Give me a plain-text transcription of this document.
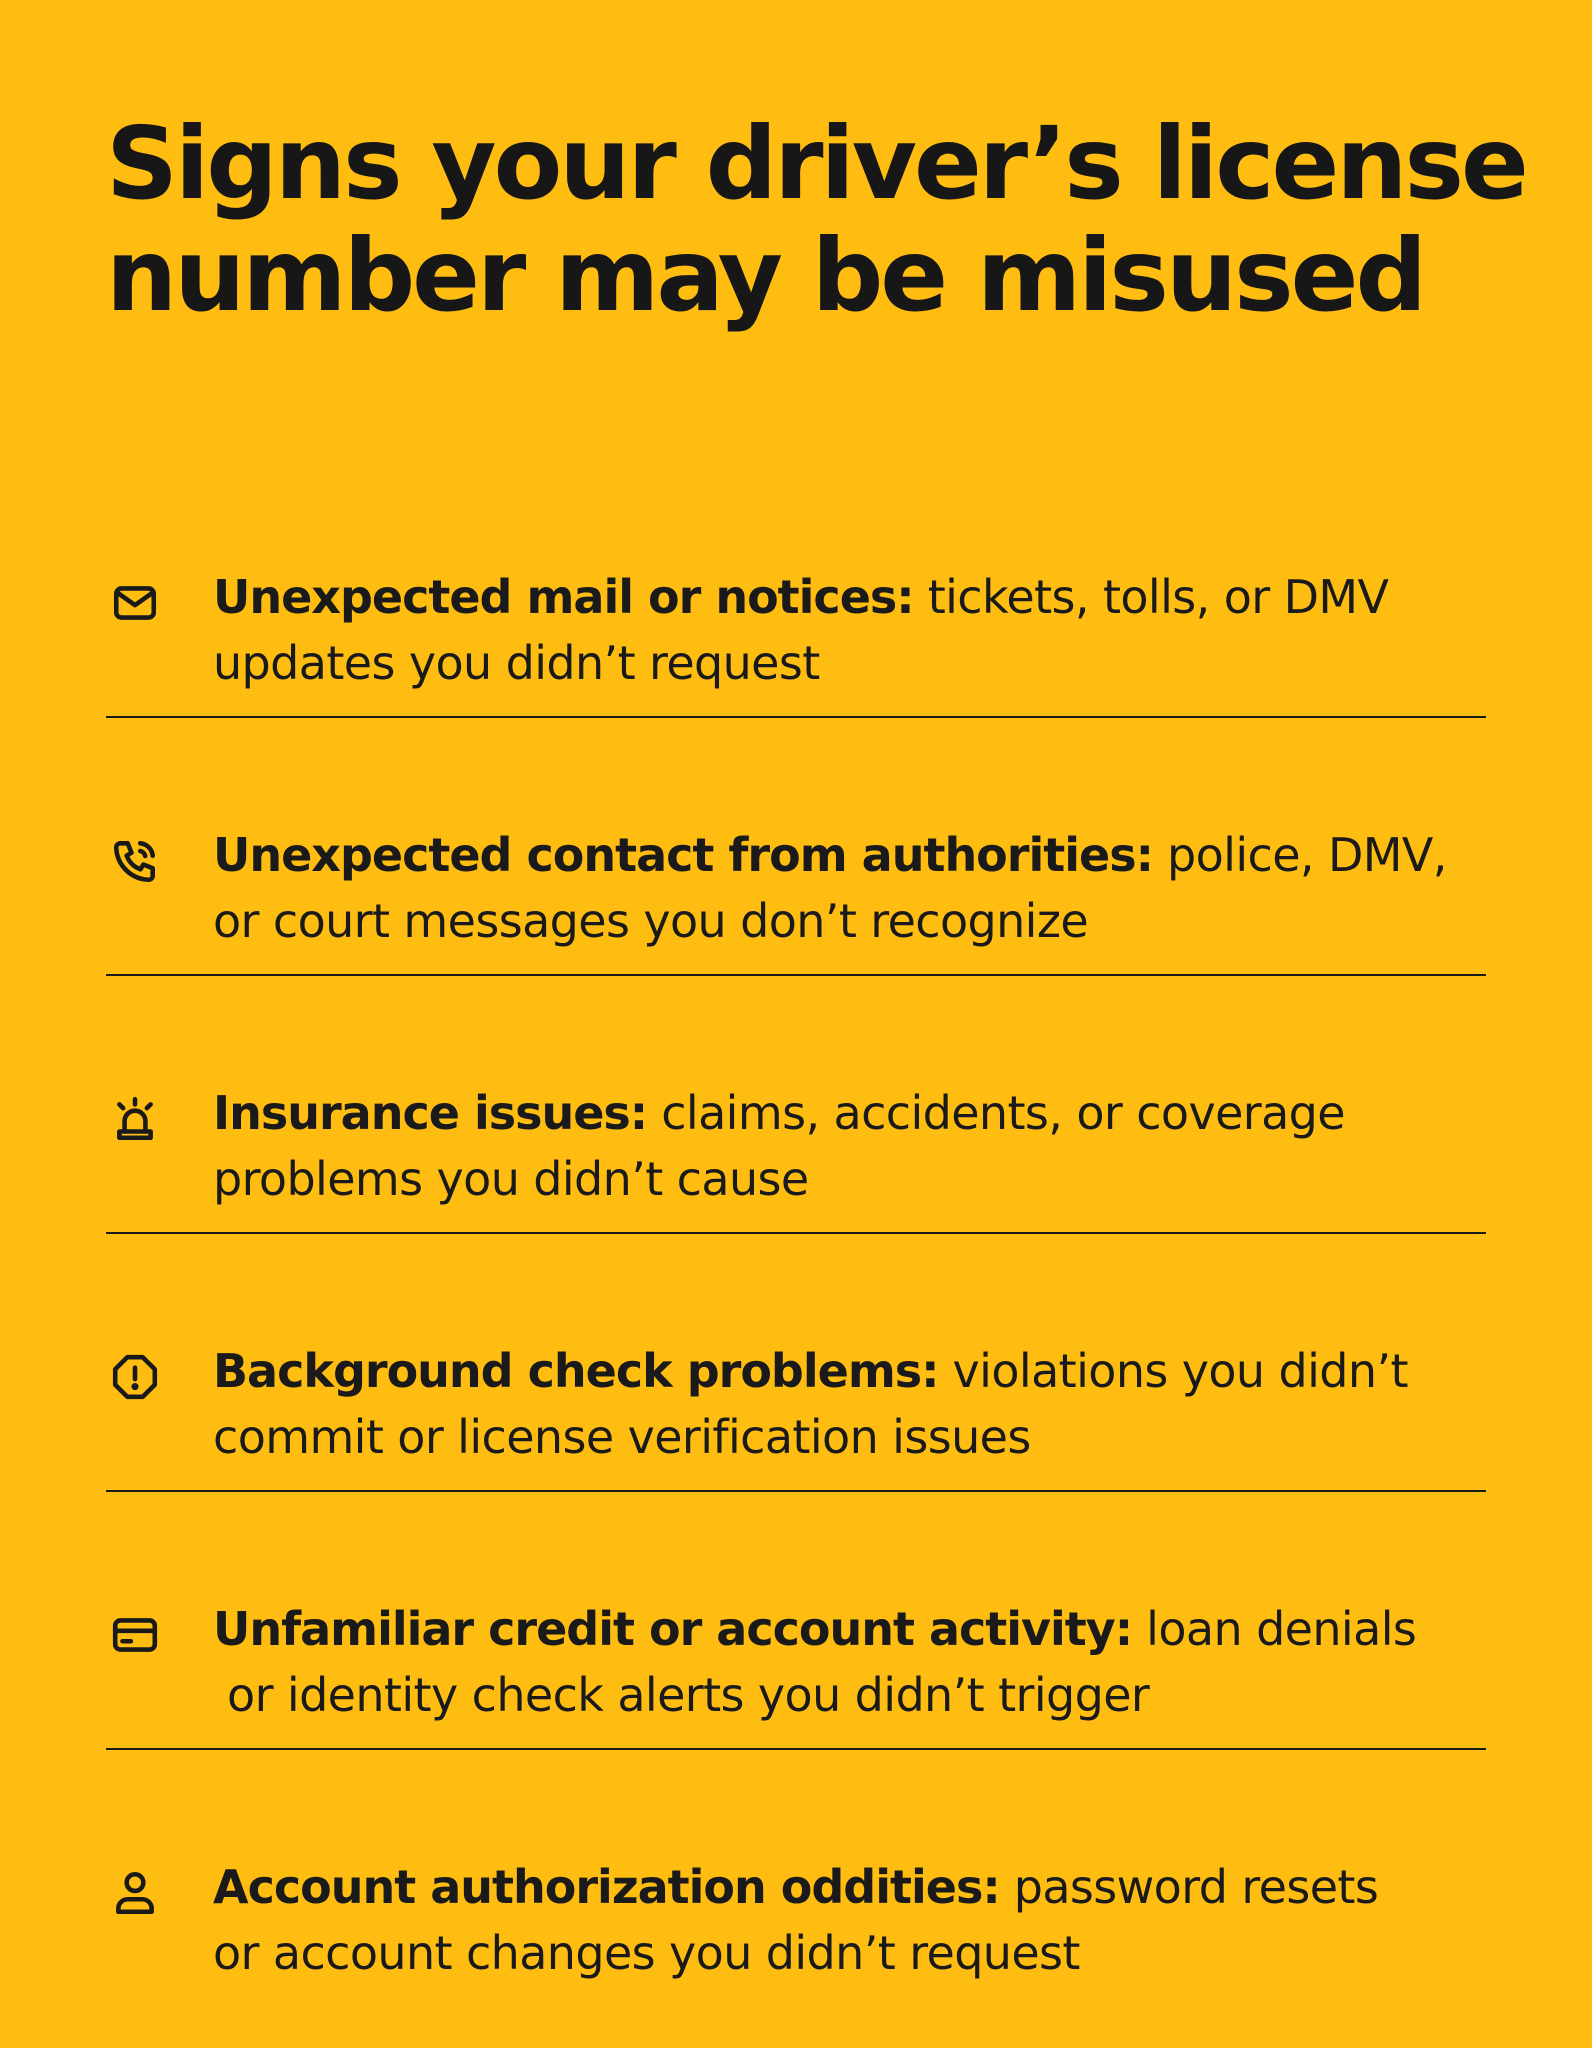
Signs your driver’s license
number may be misused
Unexpected mail or notices: tickets, tolls, or DMV
updates you didn’t request
Unexpected contact from authorities: police, DMV,
or court messages you don’t recognize
Insurance issues: claims, accidents, or coverage
problems you didn’t cause
Background check problems: violations you didn’t
commit or license verification issues
Unfamiliar credit or account activity: loan denials
or identity check alerts you didn’t trigger
Account authorization oddities: password resets
or account changes you didn’t request
